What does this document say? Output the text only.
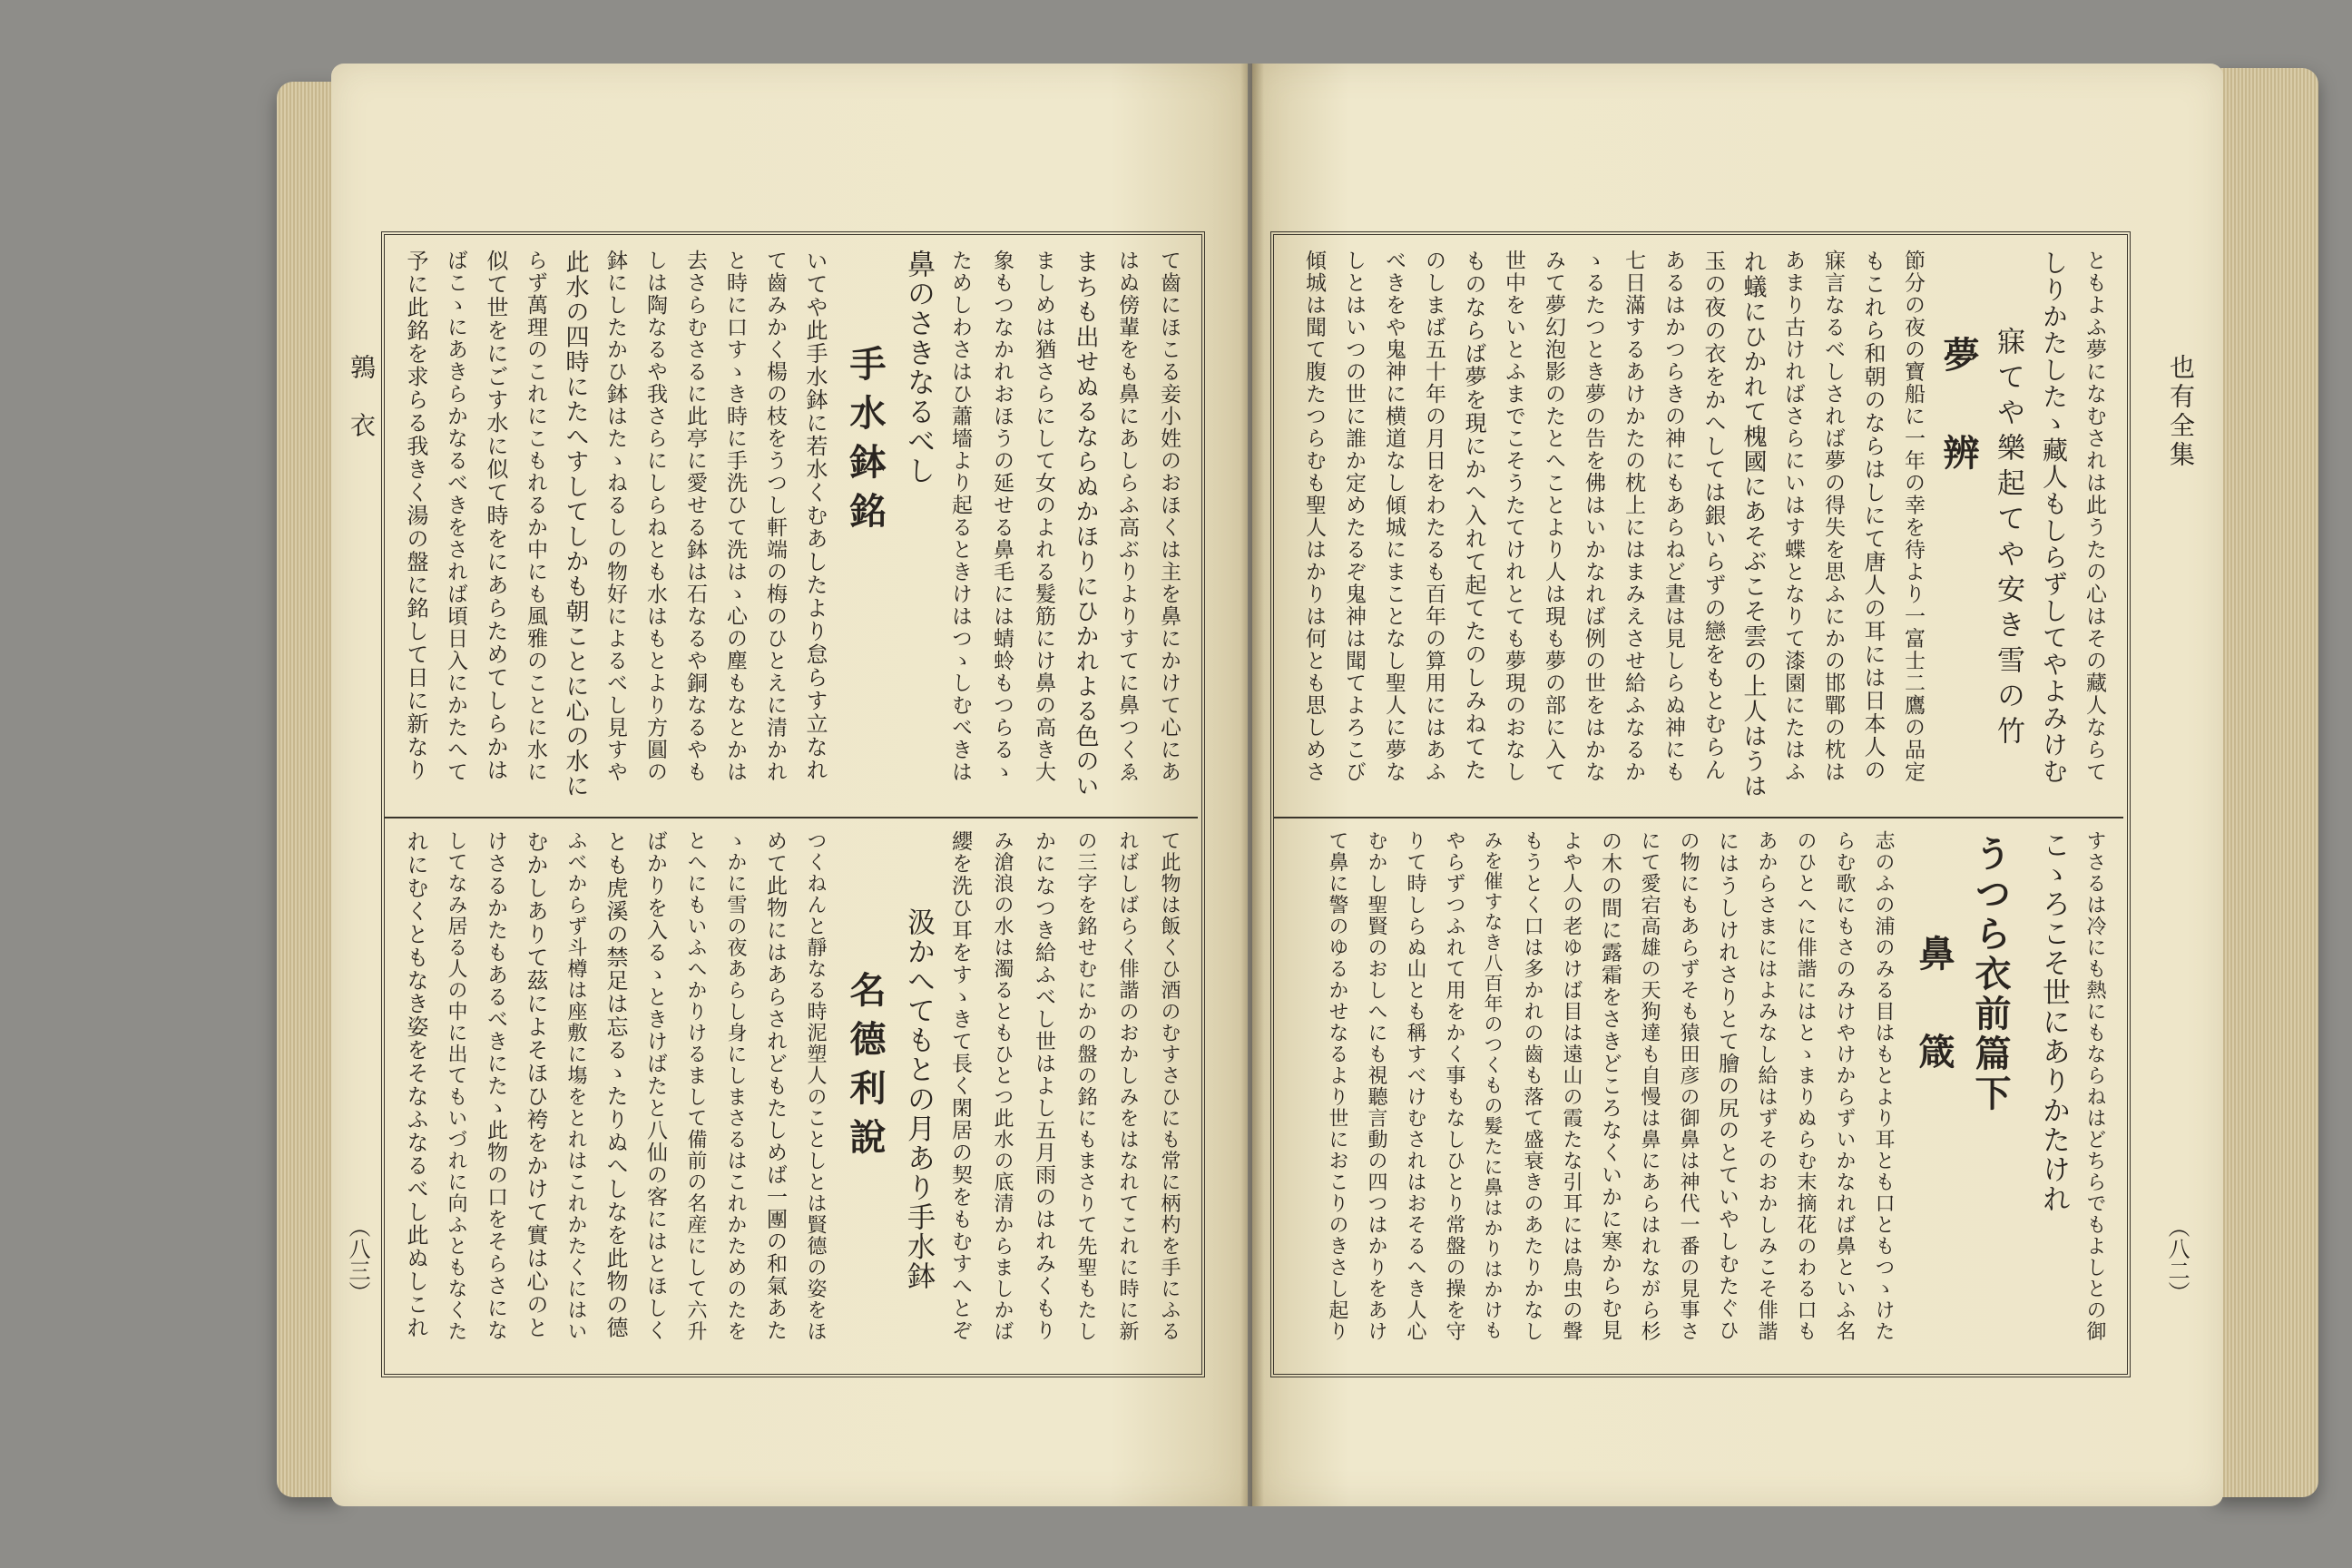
鶉　衣
（八三）
て齒にほこる妾小姓のおほくは主を鼻にかけて心にあ
はぬ傍輩をも鼻にあしらふ高ぶりよりすてに鼻つくゑ
まちも出せぬるならぬかほりにひかれよる色のい
ましめは猶さらにして女のよれる髮筋にけ鼻の高き大
象もつなかれおほうの延せる鼻毛には蜻蛉もつらるゝ
ためしわさはひ蕭墻より起るときけはつゝしむべきは
鼻のさきなるべし
手水鉢銘
いてや此手水鉢に若水くむあしたより怠らす立なれ
て齒みかく楊の枝をうつし軒端の梅のひとえに清かれ
と時に口すゝき時に手洗ひて洗はゝ心の塵もなとかは
去さらむさるに此亭に愛せる鉢は石なるや銅なるやも
しは陶なるや我さらにしらねとも水はもとより方圓の
鉢にしたかひ鉢はたゝねるしの物好によるべし見すや
此水の四時にたへすしてしかも朝ことに心の水に
らず萬理のこれにこもれるか中にも風雅のことに水に
似て世をにごす水に似て時をにあらためてしらかは
ばこゝにあきらかなるべきをされば頃日入にかたへて
予に此銘を求らる我きく湯の盤に銘して日に新なり
て此物は飯くひ酒のむすさひにも常に柄杓を手にふる
ればしばらく俳諧のおかしみをはなれてこれに時に新
の三字を銘せむにかの盤の銘にもまさりて先聖もたし
かになつき給ふべし世はよし五月雨のはれみくもり
み滄浪の水は濁るともひとつ此水の底清からましかば
纓を洗ひ耳をすゝきて長く閑居の契をもむすへとぞ
汲かへてもとの月あり手水鉢
名德利說
つくねんと靜なる時泥塑人のことしとは賢德の姿をほ
めて此物にはあらされどもたしめば一團の和氣あた
ゝかに雪の夜あらし身にしまさるはこれかためのたを
とへにもいふへかりけるまして備前の名産にして六升
ばかりを入るゝときけばたと八仙の客にはとほしく
とも虎溪の禁足は忘るゝたりぬへしなを此物の德
ふべからず斗樽は座敷に塲をとれはこれかたくにはい
むかしありて茲によそほひ袴をかけて實は心のと
けさるかたもあるべきにたゝ此物の口をそらさにな
してなみ居る人の中に出てもいづれに向ふともなくた
れにむくともなき姿をそなふなるべし此ぬしこれ
也有全集
（八二）
ともよふ夢になむされは此うたの心はその藏人ならて
しりかたしたゝ藏人もしらずしてやよみけむ
寐てや樂起てや安き雪の竹
夢　辨
節分の夜の寶船に一年の幸を待より一富士二鷹の品定
もこれら和朝のならはしにて唐人の耳には日本人の
寐言なるべしされば夢の得失を思ふにかの邯鄲の枕は
あまり古ければさらにいはす蝶となりて漆園にたはふ
れ蟻にひかれて槐國にあそぶこそ雲の上人はうは
玉の夜の衣をかへしては銀いらずの戀をもとむらん
あるはかつらきの神にもあらねど晝は見しらぬ神にも
七日滿するあけかたの枕上にはまみえさせ給ふなるか
ゝるたつとき夢の告を佛はいかなれば例の世をはかな
みて夢幻泡影のたとへことより人は現も夢の部に入て
世中をいとふまでこそうたてけれとても夢現のおなし
ものならば夢を現にかへ入れて起てたのしみねてた
のしまば五十年の月日をわたるも百年の算用にはあふ
べきをや鬼神に横道なし傾城にまことなし聖人に夢な
しとはいつの世に誰か定めたるぞ鬼神は聞てよろこび
傾城は聞て腹たつらむも聖人はかりは何とも思しめさ
すさるは冷にも熱にもならねはどちらでもよしとの御
こゝろこそ世にありかたけれ
うつら衣前篇下
鼻　箴
志のふの浦のみる目はもとより耳とも口ともつゝけた
らむ歌にもさのみけやけからずいかなれば鼻といふ名
のひとへに俳諧にはとゝまりぬらむ末摘花のわる口も
あからさまにはよみなし給はずそのおかしみこそ俳諧
にはうしけれさりとて膾の尻のとていやしむたぐひ
の物にもあらずそも猿田彦の御鼻は神代一番の見事さ
にて愛宕高雄の天狗達も自慢は鼻にあらはれながら杉
の木の間に露霜をさきどころなくいかに寒からむ見
よや人の老ゆけば目は遠山の霞たな引耳には鳥虫の聲
もうとく口は多かれの齒も落て盛衰きのあたりかなし
みを催すなき八百年のつくもの髮たに鼻はかりはかけも
やらずつふれて用をかく事もなしひとり常盤の操を守
りて時しらぬ山とも稱すべけむされはおそるへき人心
むかし聖賢のおしへにも視聽言動の四つはかりをあけ
て鼻に警のゆるかせなるより世におこりのきさし起り
